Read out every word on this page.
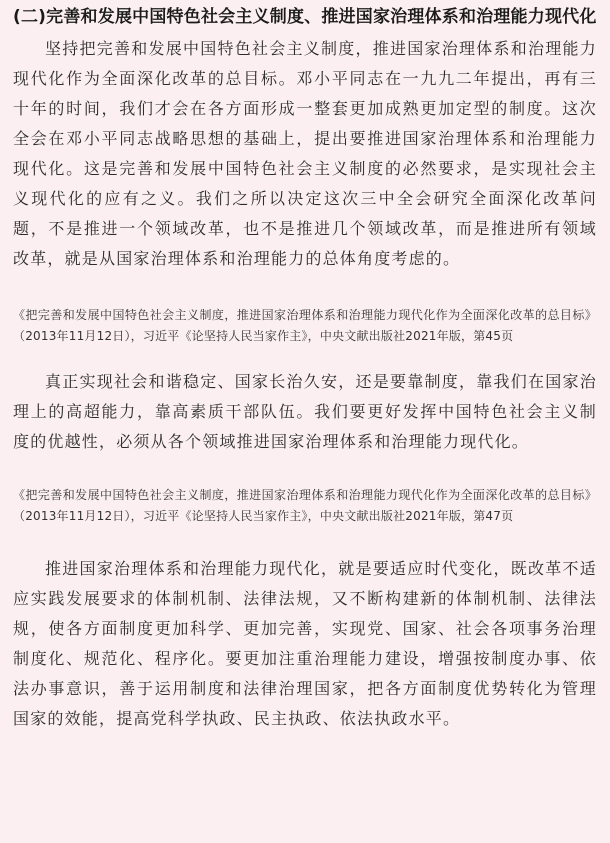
(二)完善和发展中国特色社会主义制度、推进国家治理体系和治理能力现代化

坚持把完善和发展中国特色社会主义制度，推进国家治理体系和治理能力现代化作为全面深化改革的总目标。邓小平同志在一九九二年提出，再有三十年的时间，我们才会在各方面形成一整套更加成熟更加定型的制度。这次全会在邓小平同志战略思想的基础上，提出要推进国家治理体系和治理能力现代化。这是完善和发展中国特色社会主义制度的必然要求，是实现社会主义现代化的应有之义。我们之所以决定这次三中全会研究全面深化改革问题，不是推进一个领域改革，也不是推进几个领域改革，而是推进所有领域改革，就是从国家治理体系和治理能力的总体角度考虑的。

《把完善和发展中国特色社会主义制度，推进国家治理体系和治理能力现代化作为全面深化改革的总目标》（2013年11月12日），习近平《论坚持人民当家作主》，中央文献出版社2021年版，第45页

真正实现社会和谐稳定、国家长治久安，还是要靠制度，靠我们在国家治理上的高超能力，靠高素质干部队伍。我们要更好发挥中国特色社会主义制度的优越性，必须从各个领域推进国家治理体系和治理能力现代化。

《把完善和发展中国特色社会主义制度，推进国家治理体系和治理能力现代化作为全面深化改革的总目标》（2013年11月12日），习近平《论坚持人民当家作主》，中央文献出版社2021年版，第47页

推进国家治理体系和治理能力现代化，就是要适应时代变化，既改革不适应实践发展要求的体制机制、法律法规，又不断构建新的体制机制、法律法规，使各方面制度更加科学、更加完善，实现党、国家、社会各项事务治理制度化、规范化、程序化。要更加注重治理能力建设，增强按制度办事、依法办事意识，善于运用制度和法律治理国家，把各方面制度优势转化为管理国家的效能，提高党科学执政、民主执政、依法执政水平。
